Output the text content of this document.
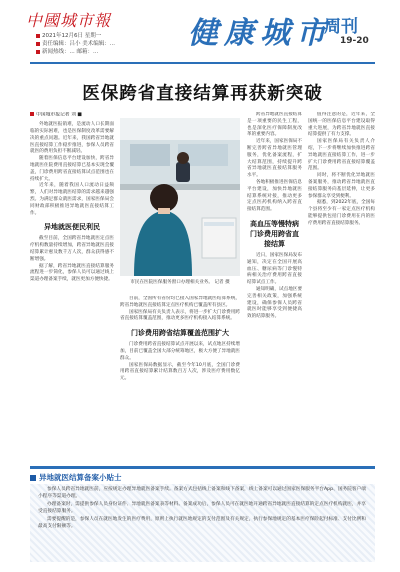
中國城市報
2021年12月6日 星期一
责任编辑：吕小 美术编辑：...
新闻热线：... 邮箱：...
健康城市
周刊
19-20
医保跨省直接结算再获新突破
中国城市报记者 刘 ■

外地就医报销难，是流动人口长期面临的实际困难，也是医保制度改革需要解决的重点问题。近年来，我国跨省异地就医直接结算工作稳步推进，参保人员跨省就医的费用负担不断减轻。

随着医保信息平台建设加快，跨省异地就医住院费用直接结算已基本实现全覆盖，门诊费用跨省直接结算试点范围也在持续扩大。

近年来，随着我国人口流动日益频繁，人们对异地就医结算的需求越来越强烈。为满足群众就医需求，国家医保局会同财政部积极推进异地就医直接结算工作。

异地就医便民利民

截至目前，全国跨省异地就医定点医疗机构数量持续增加，跨省异地就医直接结算累计惠及数千万人次，群众获得感不断增强。

据了解，跨省异地就医直接结算服务流程进一步简化，参保人员可以通过线上渠道办理备案手续，就医更加方便快捷。

市民在医院医保服务窗口办理相关业务。 记者 摄

目前，全国所有省份均已接入国家异地就医结算系统，跨省异地就医直接结算定点医疗机构已覆盖所有县区。

国家医保局有关负责人表示，将进一步扩大门诊费用跨省直接结算覆盖范围，推动更多医疗机构接入结算系统。

门诊费用跨省结算覆盖范围扩大

门诊费用跨省直接结算试点开展以来，试点地区持续增加，目前已覆盖全国大部分统筹地区，极大方便了异地就医群众。

国家医保局数据显示，截至今年10月底，全国门诊费用跨省直接结算累计结算数百万人次，涉及医疗费用数亿元。

跨省异地就医直接结算是一项重要的民生工程，也是深化医疗保障制度改革的重要内容。

近年来，国家医保局不断完善跨省异地就医管理服务，优化备案流程，扩大结算范围，持续提升跨省异地就医直接结算服务水平。

各地积极推进医保信息平台建设，加快异地就医结算系统对接，推动更多定点医药机构纳入跨省直接结算范围。

高血压等慢特病门诊费用跨省直接结算

近日，国家医保局发布通知，决定在全国开展高血压、糖尿病等门诊慢特病相关治疗费用跨省直接结算试点工作。

通知明确，试点地区要完善相关政策，加强系统建设，确保参保人员跨省就医时能够享受到便捷高效的结算服务。

值得注意的是，近年来，全国统一的医保信息平台建设取得重大进展，为跨省异地就医直接结算提供了有力支撑。

国家医保局有关负责人介绍，下一步将继续加快推进跨省异地就医直接结算工作，进一步扩大门诊费用跨省直接结算覆盖范围。

同时，将不断优化异地就医备案服务，推动跨省异地就医直接结算服务向基层延伸，让更多参保群众享受到便利。

据悉，到2022年底，全国每个县将至少有一家定点医疗机构能够提供包括门诊费用在内的医疗费用跨省直接结算服务。

异地就医结算备案小贴士

参保人员跨省异地就医前，应按规定办理异地就医备案手续。备案方式包括线上备案和线下备案，线上备案可以通过国家医保服务平台App、国务院客户端小程序等渠道办理。

办理备案时，需提供参保人员身份证件、异地就医备案表等材料。备案成功后，参保人员可在就医地开通跨省异地就医直接结算的定点医疗机构就医，并享受直接结算服务。

需要提醒的是，参保人员在就医地发生的医疗费用，原则上执行就医地规定的支付范围及有关规定，执行参保地规定的基本医疗保险起付标准、支付比例和最高支付限额等。
